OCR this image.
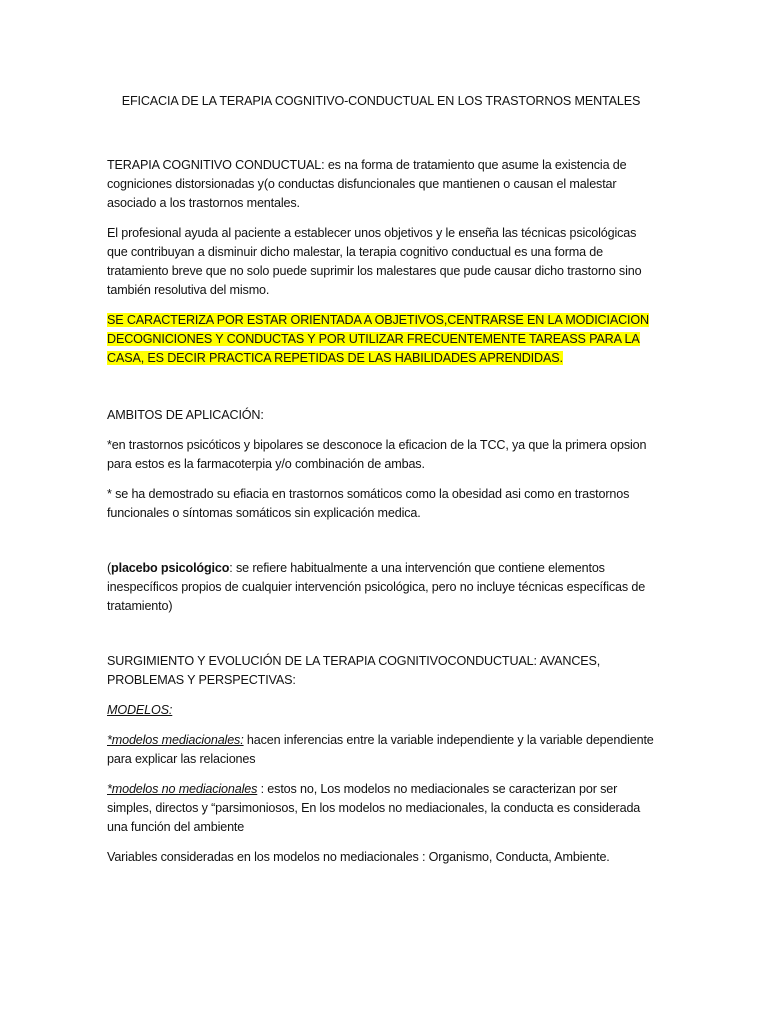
EFICACIA DE LA TERAPIA COGNITIVO-CONDUCTUAL EN LOS TRASTORNOS MENTALES

TERAPIA COGNITIVO CONDUCTUAL: es na forma de tratamiento que asume la existencia de cogniciones distorsionadas y(o conductas disfuncionales que mantienen o causan el malestar asociado a los trastornos mentales.

El profesional ayuda al paciente a establecer unos objetivos y le enseña las técnicas psicológicas que contribuyan a disminuir dicho malestar, la terapia cognitivo conductual es una forma de tratamiento breve que no solo puede suprimir los malestares que pude causar dicho trastorno sino también resolutiva del mismo.

SE CARACTERIZA POR ESTAR ORIENTADA A OBJETIVOS,CENTRARSE EN LA MODICIACION DECOGNICIONES Y CONDUCTAS Y POR UTILIZAR FRECUENTEMENTE TAREASS PARA LA CASA, ES DECIR PRACTICA REPETIDAS DE LAS HABILIDADES APRENDIDAS.

AMBITOS DE APLICACIÓN:

*en trastornos psicóticos y bipolares se desconoce la eficacion de la TCC, ya que la primera opsion para estos es la farmacoterpia y/o combinación de ambas.

* se ha demostrado su efiacia en trastornos somáticos como la obesidad asi como en trastornos funcionales o síntomas somáticos sin explicación medica.

(placebo psicológico: se refiere habitualmente a una intervención que contiene elementos inespecíficos propios de cualquier intervención psicológica, pero no incluye técnicas específicas de tratamiento)

SURGIMIENTO Y EVOLUCIÓN DE LA TERAPIA COGNITIVOCONDUCTUAL: AVANCES, PROBLEMAS Y PERSPECTIVAS:

MODELOS:

*modelos mediacionales: hacen inferencias entre la variable independiente y la variable dependiente para explicar las relaciones

*modelos no mediacionales : estos no, Los modelos no mediacionales se caracterizan por ser simples, directos y “parsimoniosos, En los modelos no mediacionales, la conducta es considerada una función del ambiente

Variables consideradas en los modelos no mediacionales : Organismo, Conducta, Ambiente.
